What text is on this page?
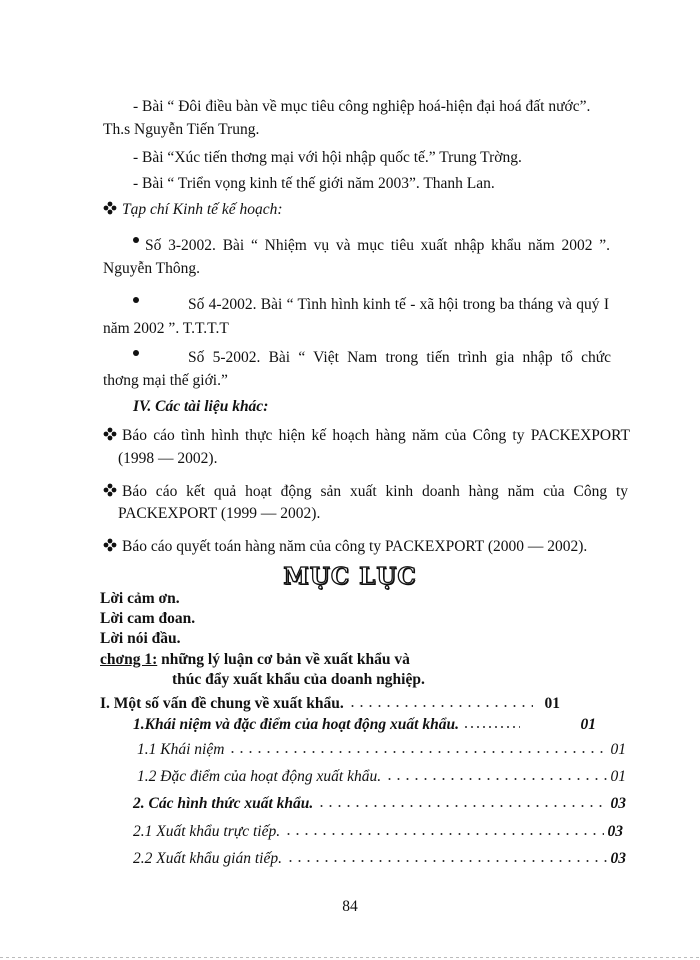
- Bài “ Đôi điều bàn về mục tiêu công nghiệp hoá-hiện đại hoá đất nước”.
Th.s Nguyễn Tiến Trung.
- Bài “Xúc tiến thơng mại với hội nhập quốc tế.” Trung Trờng.
- Bài “ Triển vọng kinh tế thế giới năm 2003”. Thanh Lan.
Tạp chí Kinh tế kế hoạch:
Số 3-2002. Bài “ Nhiệm vụ và mục tiêu xuất nhập khẩu năm 2002 ”.
Nguyễn Thông.
Số 4-2002. Bài “ Tình hình kinh tế - xã hội trong ba tháng và quý I
năm 2002 ”. T.T.T.T
Số 5-2002. Bài “ Việt Nam trong tiến trình gia nhập tổ chức
thơng mại thế giới.”
IV. Các tài liệu khác:
Báo cáo tình hình thực hiện kế hoạch hàng năm của Công ty PACKEXPORT
(1998 — 2002).
Báo cáo kết quả hoạt động sản xuất kinh doanh hàng năm của Công ty
PACKEXPORT (1999 — 2002).
Báo cáo quyết toán hàng năm của công ty PACKEXPORT (2000 — 2002).
MỤC LỤC
Lời cảm ơn.
Lời cam đoan.
Lời nói đầu.
chơng 1: những lý luận cơ bản về xuất khẩu và
thúc đẩy xuất khẩu của doanh nghiệp.
I. Một số vấn đề chung về xuất khẩu.	01
1.Khái niệm và đặc điểm của hoạt động xuất khẩu.	01
1.1 Khái niệm	01
1.2 Đặc điểm của hoạt động xuất khẩu.	01
2. Các hình thức xuất khẩu.	03
2.1 Xuất khẩu trực tiếp.	03
2.2 Xuất khẩu gián tiếp.	03
84
